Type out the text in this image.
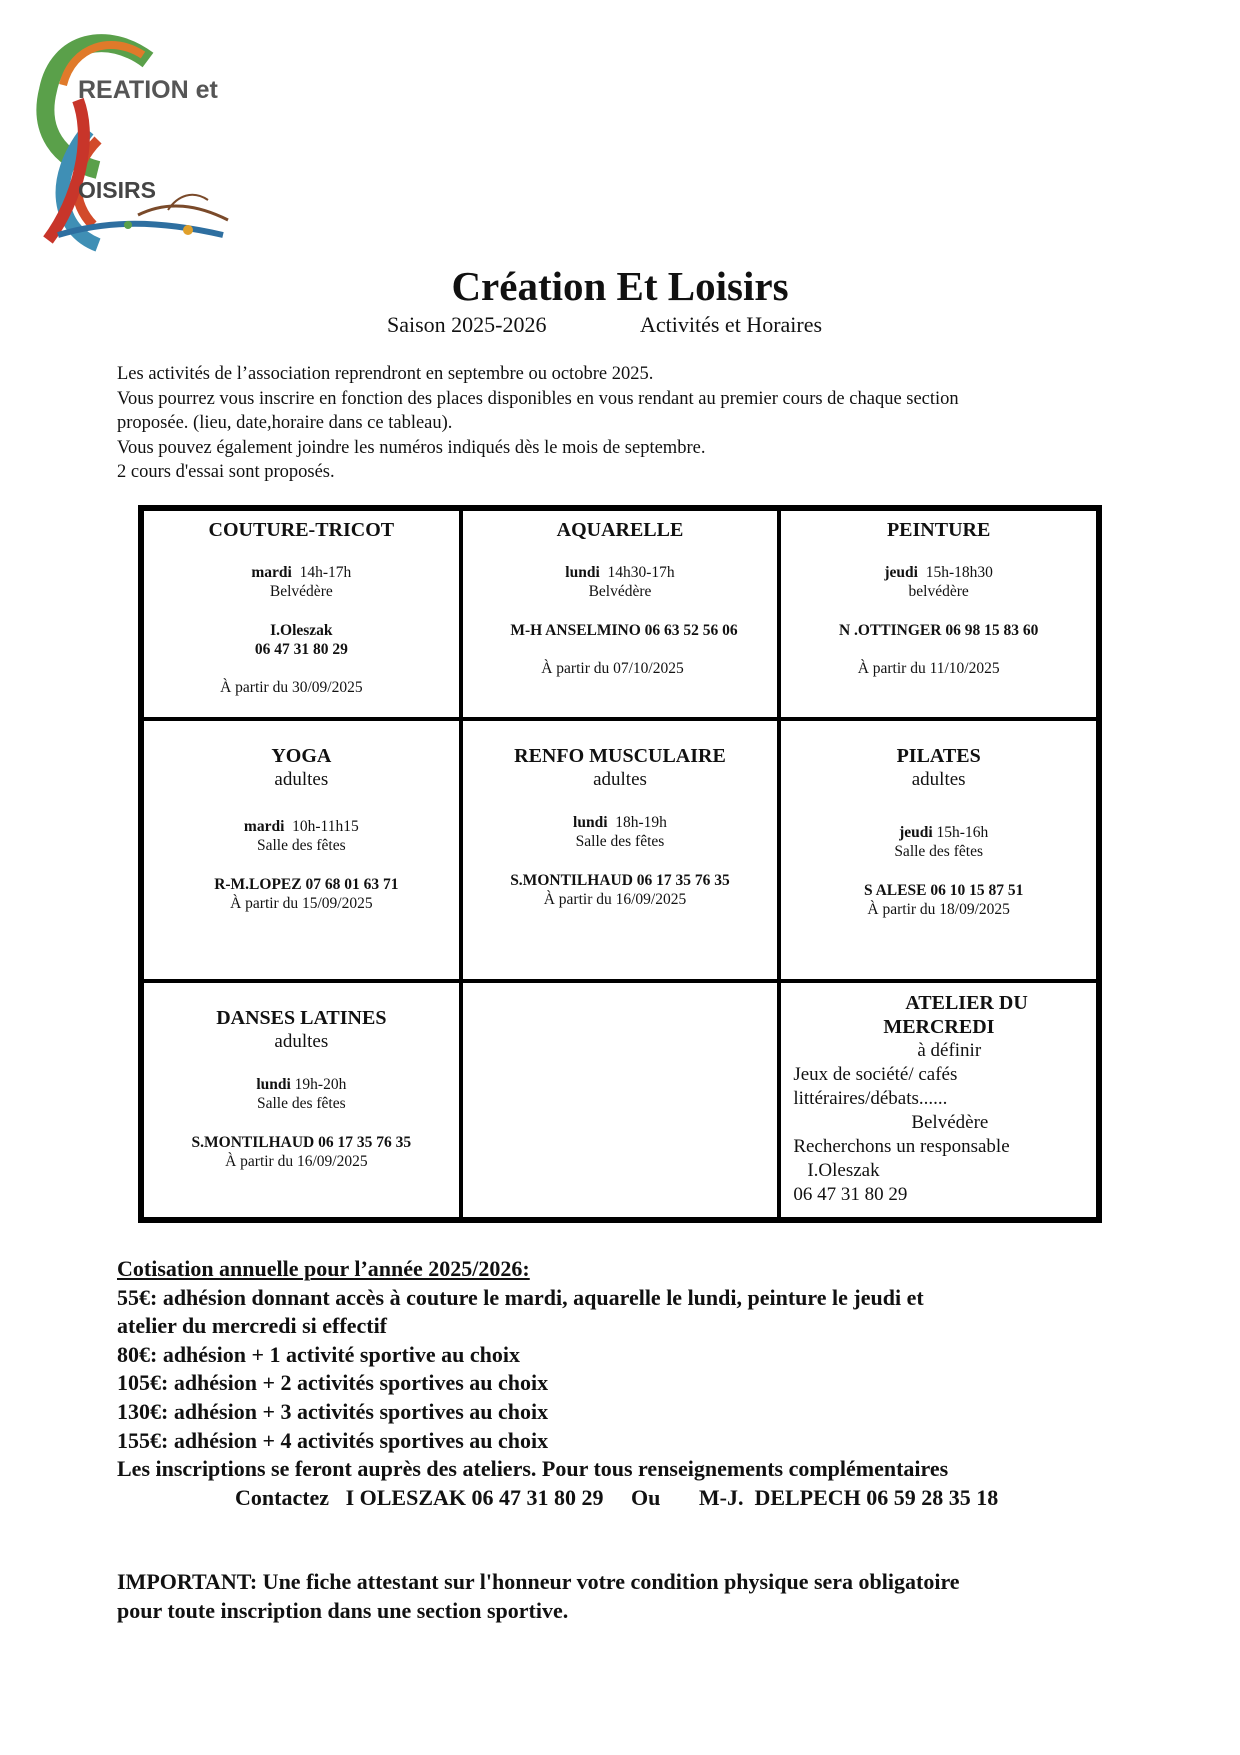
REATION et
OISIRS
Création Et Loisirs
Saison 2025-2026	Activités et Horaires
Les activités de l’association reprendront en septembre ou octobre 2025.
Vous pourrez vous inscrire en fonction des places disponibles en vous rendant au premier cours de chaque section
proposée. (lieu, date,horaire dans ce tableau).
Vous pouvez également joindre les numéros indiqués dès le mois de septembre.
2 cours d'essai sont proposés.
COUTURE-TRICOT
mardi 14h-17h
Belvédère
I.Oleszak
06 47 31 80 29
À partir du 30/09/2025
AQUARELLE
lundi 14h30-17h
Belvédère
M-H ANSELMINO 06 63 52 56 06
À partir du 07/10/2025
PEINTURE
jeudi 15h-18h30
belvédère
N .OTTINGER 06 98 15 83 60
À partir du 11/10/2025
YOGA
adultes
mardi 10h-11h15
Salle des fêtes
R-M.LOPEZ 07 68 01 63 71
À partir du 15/09/2025
RENFO MUSCULAIRE
adultes
lundi 18h-19h
Salle des fêtes
S.MONTILHAUD 06 17 35 76 35
À partir du 16/09/2025
PILATES
adultes
jeudi 15h-16h
Salle des fêtes
S ALESE 06 10 15 87 51
À partir du 18/09/2025
DANSES LATINES
adultes
lundi 19h-20h
Salle des fêtes
S.MONTILHAUD 06 17 35 76 35
À partir du 16/09/2025
ATELIER DU
MERCREDI
à définir
Jeux de société/ cafés
littéraires/débats......
Belvédère
Recherchons un responsable
I.Oleszak
06 47 31 80 29
Cotisation annuelle pour l’année 2025/2026:
55€: adhésion donnant accès à couture le mardi, aquarelle le lundi, peinture le jeudi et
atelier du mercredi si effectif
80€: adhésion + 1 activité sportive au choix
105€: adhésion + 2 activités sportives au choix
130€: adhésion + 3 activités sportives au choix
155€: adhésion + 4 activités sportives au choix
Les inscriptions se feront auprès des ateliers. Pour tous renseignements complémentaires
Contactez   I OLESZAK 06 47 31 80 29     Ou       M-J.  DELPECH 06 59 28 35 18
IMPORTANT: Une fiche attestant sur l'honneur votre condition physique sera obligatoire
pour toute inscription dans une section sportive.
